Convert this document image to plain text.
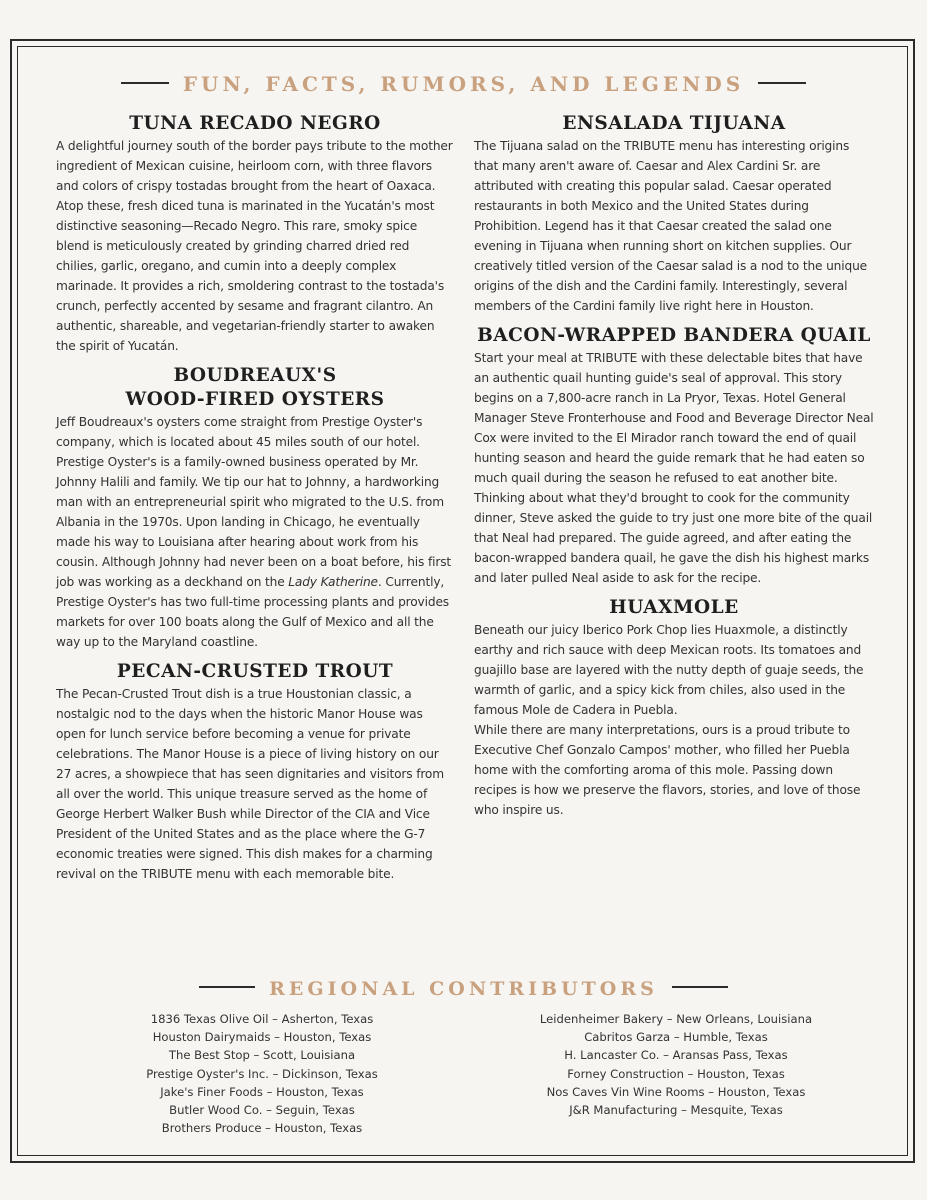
FUN, FACTS, RUMORS, AND LEGENDS
TUNA RECADO NEGRO

A delightful journey south of the border pays tribute to the mother ingredient of Mexican cuisine, heirloom corn, with three flavors and colors of crispy tostadas brought from the heart of Oaxaca. Atop these, fresh diced tuna is marinated in the Yucatán's most distinctive seasoning—Recado Negro. This rare, smoky spice blend is meticulously created by grinding charred dried red chilies, garlic, oregano, and cumin into a deeply complex marinade. It provides a rich, smoldering contrast to the tostada's crunch, perfectly accented by sesame and fragrant cilantro. An authentic, shareable, and vegetarian-friendly starter to awaken the spirit of Yucatán.

BOUDREAUX'S
WOOD-FIRED OYSTERS

Jeff Boudreaux's oysters come straight from Prestige Oyster's company, which is located about 45 miles south of our hotel. Prestige Oyster's is a family-owned business operated by Mr. Johnny Halili and family. We tip our hat to Johnny, a hardworking man with an entrepreneurial spirit who migrated to the U.S. from Albania in the 1970s. Upon landing in Chicago, he eventually made his way to Louisiana after hearing about work from his cousin. Although Johnny had never been on a boat before, his first job was working as a deckhand on the Lady Katherine. Currently, Prestige Oyster's has two full-time processing plants and provides markets for over 100 boats along the Gulf of Mexico and all the way up to the Maryland coastline.

PECAN-CRUSTED TROUT

The Pecan-Crusted Trout dish is a true Houstonian classic, a nostalgic nod to the days when the historic Manor House was open for lunch service before becoming a venue for private celebrations. The Manor House is a piece of living history on our 27 acres, a showpiece that has seen dignitaries and visitors from all over the world. This unique treasure served as the home of George Herbert Walker Bush while Director of the CIA and Vice President of the United States and as the place where the G-7 economic treaties were signed. This dish makes for a charming revival on the TRIBUTE menu with each memorable bite.

ENSALADA TIJUANA

The Tijuana salad on the TRIBUTE menu has interesting origins that many aren't aware of. Caesar and Alex Cardini Sr. are attributed with creating this popular salad. Caesar operated restaurants in both Mexico and the United States during Prohibition. Legend has it that Caesar created the salad one evening in Tijuana when running short on kitchen supplies. Our creatively titled version of the Caesar salad is a nod to the unique origins of the dish and the Cardini family. Interestingly, several members of the Cardini family live right here in Houston.

BACON-WRAPPED BANDERA QUAIL

Start your meal at TRIBUTE with these delectable bites that have an authentic quail hunting guide's seal of approval. This story begins on a 7,800-acre ranch in La Pryor, Texas. Hotel General Manager Steve Fronterhouse and Food and Beverage Director Neal Cox were invited to the El Mirador ranch toward the end of quail hunting season and heard the guide remark that he had eaten so much quail during the season he refused to eat another bite. Thinking about what they'd brought to cook for the community dinner, Steve asked the guide to try just one more bite of the quail that Neal had prepared. The guide agreed, and after eating the bacon-wrapped bandera quail, he gave the dish his highest marks and later pulled Neal aside to ask for the recipe.

HUAXMOLE

Beneath our juicy Iberico Pork Chop lies Huaxmole, a distinctly earthy and rich sauce with deep Mexican roots. Its tomatoes and guajillo base are layered with the nutty depth of guaje seeds, the warmth of garlic, and a spicy kick from chiles, also used in the famous Mole de Cadera in Puebla.

While there are many interpretations, ours is a proud tribute to Executive Chef Gonzalo Campos' mother, who filled her Puebla home with the comforting aroma of this mole. Passing down recipes is how we preserve the flavors, stories, and love of those who inspire us.

REGIONAL CONTRIBUTORS
1836 Texas Olive Oil – Asherton, Texas
Houston Dairymaids – Houston, Texas
The Best Stop – Scott, Louisiana
Prestige Oyster's Inc. – Dickinson, Texas
Jake's Finer Foods – Houston, Texas
Butler Wood Co. – Seguin, Texas
Brothers Produce – Houston, Texas
Leidenheimer Bakery – New Orleans, Louisiana
Cabritos Garza – Humble, Texas
H. Lancaster Co. – Aransas Pass, Texas
Forney Construction – Houston, Texas
Nos Caves Vin Wine Rooms – Houston, Texas
J&R Manufacturing – Mesquite, Texas
